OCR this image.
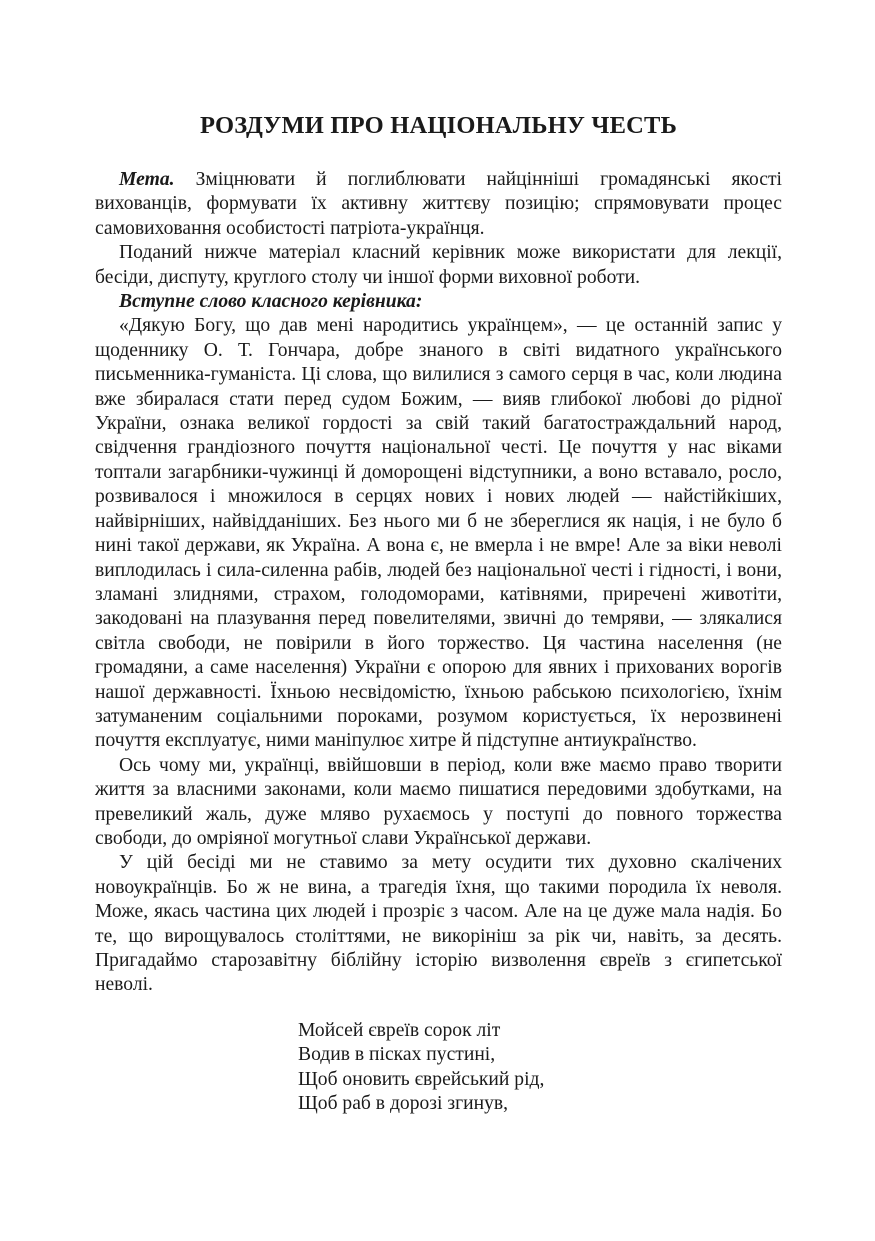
РОЗДУМИ ПРО НАЦІОНАЛЬНУ ЧЕСТЬ

Мета. Зміцнювати й поглиблювати найцінніші громадянські якості вихованців, формувати їх активну життєву позицію; спрямовувати процес самовиховання особистості патріота-українця.

Поданий нижче матеріал класний керівник може використати для лекції, бесіди, диспуту, круглого столу чи іншої форми виховної роботи.

Вступне слово класного керівника:

«Дякую Богу, що дав мені народитись українцем», — це останній запис у щоденнику О. Т. Гончара, добре знаного в світі видатного українського письменника-гуманіста. Ці слова, що вилилися з самого серця в час, коли людина вже збиралася стати перед судом Божим, — вияв глибокої любові до рідної України, ознака великої гордості за свій такий багатостраждальний народ, свідчення грандіозного почуття національної честі. Це почуття у нас віками топтали загарбники-чужинці й доморощені відступники, а воно вставало, росло, розвивалося і множилося в серцях нових і нових людей — найстійкіших, найвірніших, найвідданіших. Без нього ми б не збереглися як нація, і не було б нині такої держави, як Україна. А вона є, не вмерла і не вмре! Але за віки неволі виплодилась і сила-силенна рабів, людей без національної честі і гідності, і вони, зламані злиднями, страхом, голодоморами, катівнями, приречені животіти, закодовані на плазування перед повелителями, звичні до темряви, — злякалися світла свободи, не повірили в його торжество. Ця частина населення (не громадяни, а саме населення) України є опорою для явних і прихованих ворогів нашої державності. Їхньою несвідомістю, їхньою рабською психологією, їхнім затуманеним соціальними пороками, розумом користується, їх нерозвинені почуття експлуатує, ними маніпулює хитре й підступне антиукраїнство.

Ось чому ми, українці, ввійшовши в період, коли вже маємо право творити життя за власними законами, коли маємо пишатися передовими здобутками, на превеликий жаль, дуже мляво рухаємось у поступі до повного торжества свободи, до омріяної могутньої слави Української держави.

У цій бесіді ми не ставимо за мету осудити тих духовно скалічених новоукраїнців. Бо ж не вина, а трагедія їхня, що такими породила їх неволя. Може, якась частина цих людей і прозріє з часом. Але на це дуже мала надія. Бо те, що вирощувалось століттями, не викорініш за рік чи, навіть, за десять. Пригадаймо старозавітну біблійну історію визволення євреїв з єгипетської неволі.

Мойсей євреїв сорок літ
Водив в пісках пустині,
Щоб оновить єврейський рід,
Щоб раб в дорозі згинув,
